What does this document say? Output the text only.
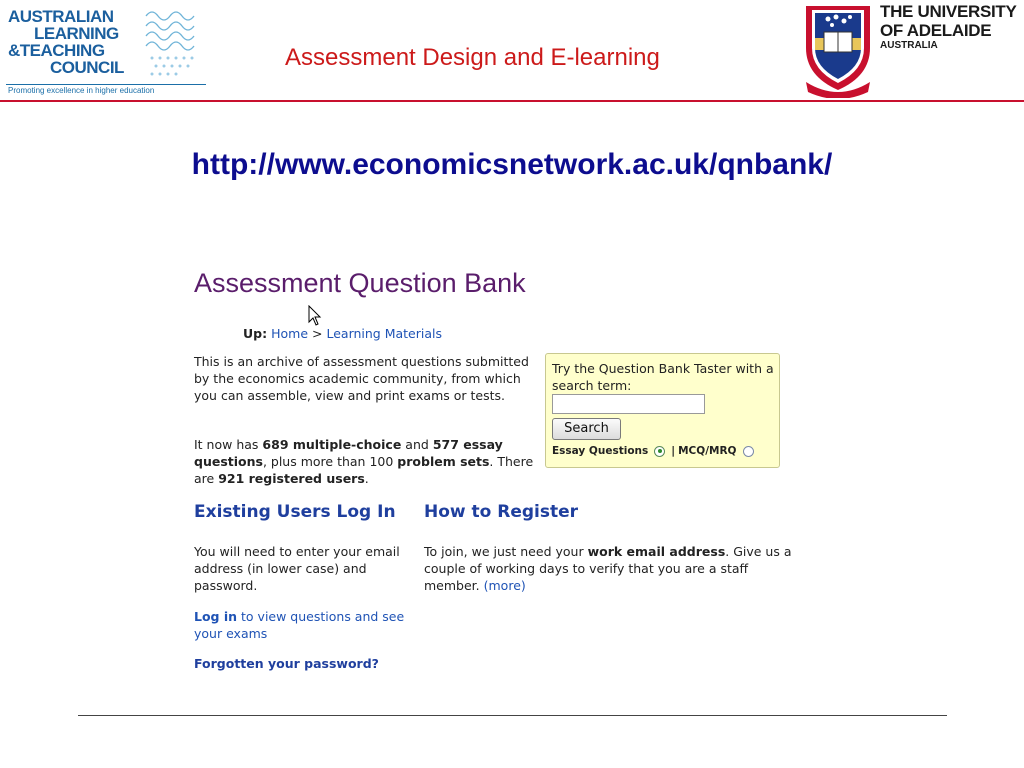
AUSTRALIAN
LEARNING
&TEACHING
COUNCIL
Promoting excellence in higher education
Assessment Design and E-learning
THE UNIVERSITY
OF ADELAIDE
AUSTRALIA
http://www.economicsnetwork.ac.uk/qnbank/
Assessment Question Bank
Up: Home > Learning Materials
This is an archive of assessment questions submitted by the economics academic community, from which you can assemble, view and print exams or tests.
It now has 689 multiple-choice and 577 essay questions, plus more than 100 problem sets. There are 921 registered users.
Try the Question Bank Taster with a search term:
Search
Essay Questions | MCQ/MRQ
Existing Users Log In How to Register
You will need to enter your email address (in lower case) and password.
To join, we just need your work email address. Give us a couple of working days to verify that you are a staff member. (more)
Log in to view questions and see your exams
Forgotten your password?
